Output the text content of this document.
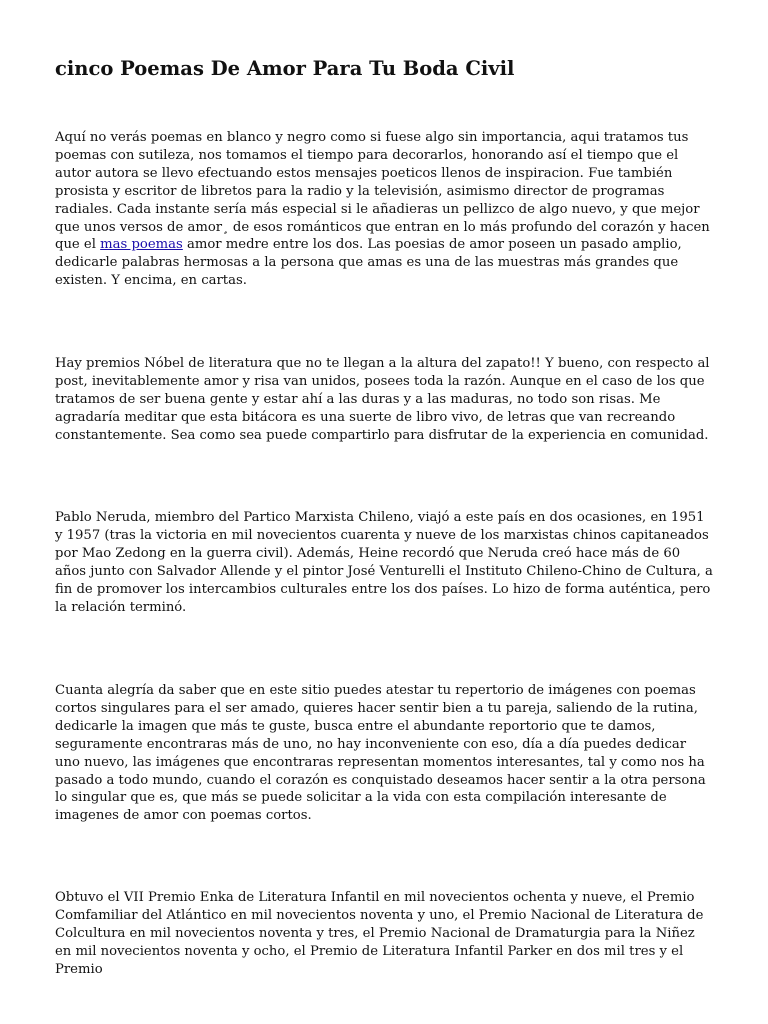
cinco Poemas De Amor Para Tu Boda Civil

Aquí no verás poemas en blanco y negro como si fuese algo sin importancia, aqui tratamos tus poemas con sutileza, nos tomamos el tiempo para decorarlos, honorando así el tiempo que el autor autora se llevo efectuando estos mensajes poeticos llenos de inspiracion. Fue también prosista y escritor de libretos para la radio y la televisión, asimismo director de programas radiales. Cada instante sería más especial si le añadieras un pellizco de algo nuevo, y que mejor que unos versos de amor¸ de esos románticos que entran en lo más profundo del corazón y hacen que el mas poemas amor medre entre los dos. Las poesias de amor poseen un pasado amplio, dedicarle palabras hermosas a la persona que amas es una de las muestras más grandes que existen. Y encima, en cartas.

Hay premios Nóbel de literatura que no te llegan a la altura del zapato!! Y bueno, con respecto al post, inevitablemente amor y risa van unidos, posees toda la razón. Aunque en el caso de los que tratamos de ser buena gente y estar ahí a las duras y a las maduras, no todo son risas. Me agradaría meditar que esta bitácora es una suerte de libro vivo, de letras que van recreando constantemente. Sea como sea puede compartirlo para disfrutar de la experiencia en comunidad.

Pablo Neruda, miembro del Partico Marxista Chileno, viajó a este país en dos ocasiones, en 1951 y 1957 (tras la victoria en mil novecientos cuarenta y nueve de los marxistas chinos capitaneados por Mao Zedong en la guerra civil). Además, Heine recordó que Neruda creó hace más de 60 años junto con Salvador Allende y el pintor José Venturelli el Instituto Chileno-Chino de Cultura, a fin de promover los intercambios culturales entre los dos países. Lo hizo de forma auténtica, pero la relación terminó.

Cuanta alegría da saber que en este sitio puedes atestar tu repertorio de imágenes con poemas cortos singulares para el ser amado, quieres hacer sentir bien a tu pareja, saliendo de la rutina, dedicarle la imagen que más te guste, busca entre el abundante reportorio que te damos, seguramente encontraras más de uno, no hay inconveniente con eso, día a día puedes dedicar uno nuevo, las imágenes que encontraras representan momentos interesantes, tal y como nos ha pasado a todo mundo, cuando el corazón es conquistado deseamos hacer sentir a la otra persona lo singular que es, que más se puede solicitar a la vida con esta compilación interesante de imagenes de amor con poemas cortos.

Obtuvo el VII Premio Enka de Literatura Infantil en mil novecientos ochenta y nueve, el Premio Comfamiliar del Atlántico en mil novecientos noventa y uno, el Premio Nacional de Literatura de Colcultura en mil novecientos noventa y tres, el Premio Nacional de Dramaturgia para la Niñez en mil novecientos noventa y ocho, el Premio de Literatura Infantil Parker en dos mil tres y el Premio
